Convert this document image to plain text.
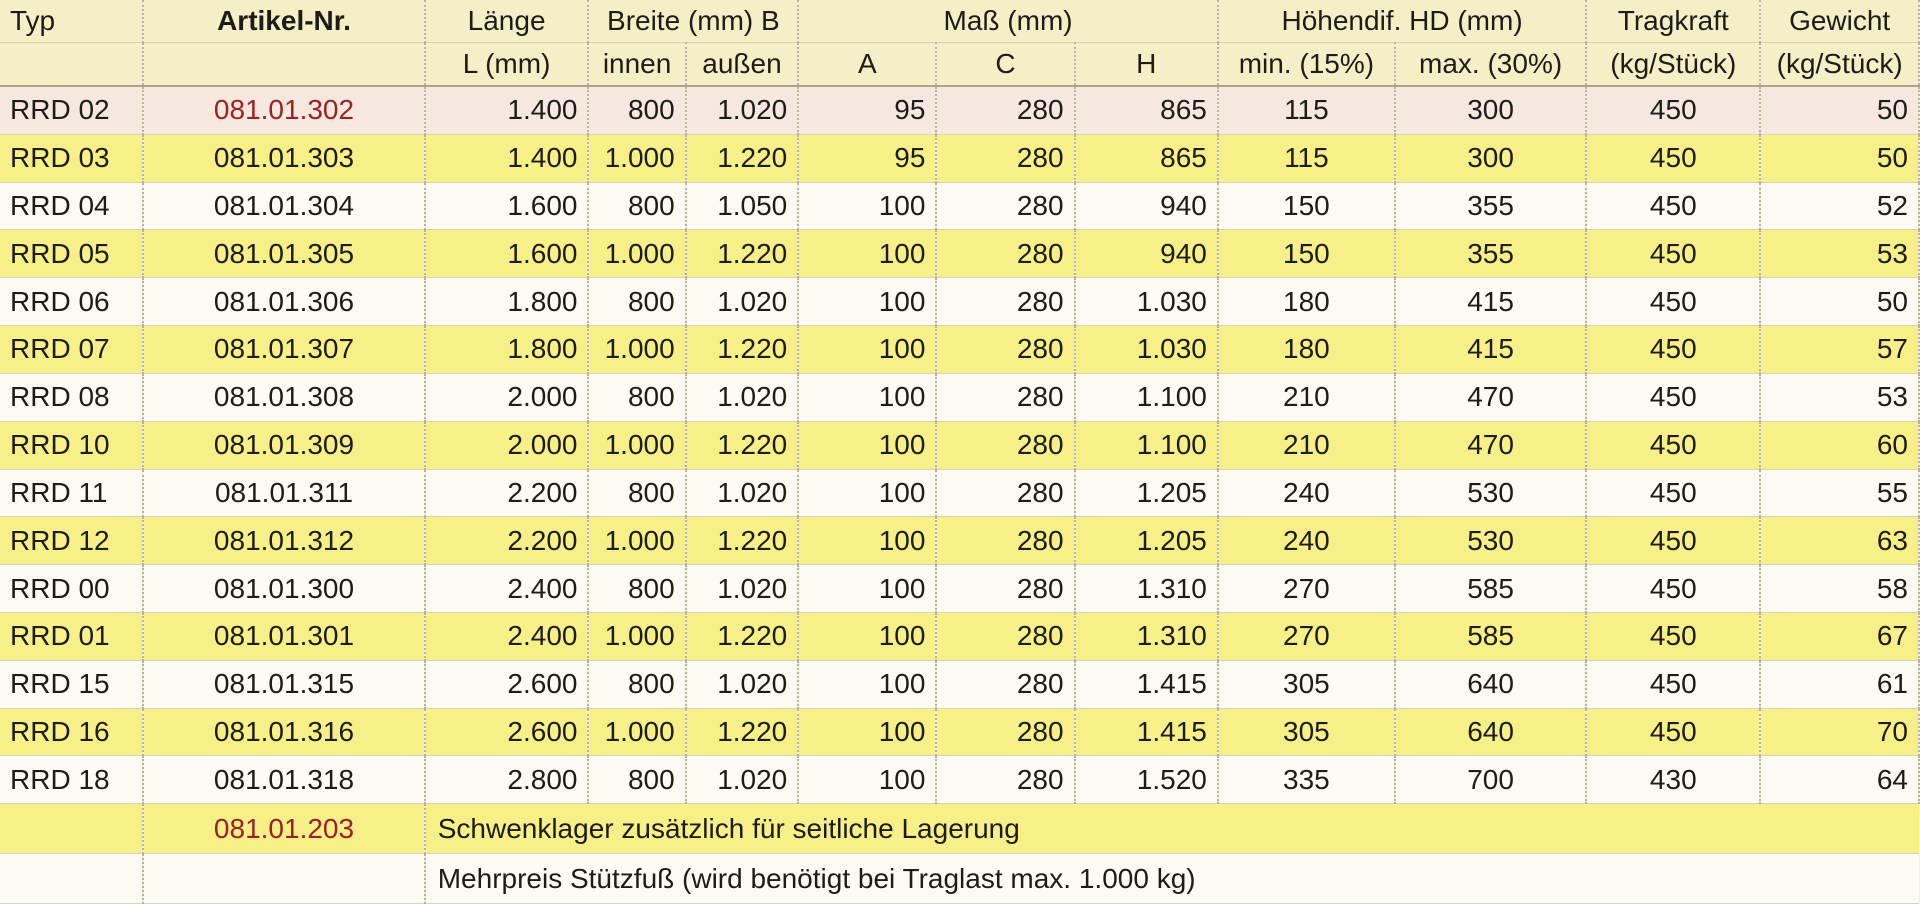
Typ	Artikel-Nr.	Länge	Breite (mm) B		Maß (mm)			Höhendif. HD (mm)		Tragkraft	Gewicht
		L (mm)	innen	außen	A	C	H	min. (15%)	max. (30%)	(kg/Stück)	(kg/Stück)
RRD 02	081.01.302	1.400	800	1.020	95	280	865	115	300	450	50
RRD 03	081.01.303	1.400	1.000	1.220	95	280	865	115	300	450	50
RRD 04	081.01.304	1.600	800	1.050	100	280	940	150	355	450	52
RRD 05	081.01.305	1.600	1.000	1.220	100	280	940	150	355	450	53
RRD 06	081.01.306	1.800	800	1.020	100	280	1.030	180	415	450	50
RRD 07	081.01.307	1.800	1.000	1.220	100	280	1.030	180	415	450	57
RRD 08	081.01.308	2.000	800	1.020	100	280	1.100	210	470	450	53
RRD 10	081.01.309	2.000	1.000	1.220	100	280	1.100	210	470	450	60
RRD 11	081.01.311	2.200	800	1.020	100	280	1.205	240	530	450	55
RRD 12	081.01.312	2.200	1.000	1.220	100	280	1.205	240	530	450	63
RRD 00	081.01.300	2.400	800	1.020	100	280	1.310	270	585	450	58
RRD 01	081.01.301	2.400	1.000	1.220	100	280	1.310	270	585	450	67
RRD 15	081.01.315	2.600	800	1.020	100	280	1.415	305	640	450	61
RRD 16	081.01.316	2.600	1.000	1.220	100	280	1.415	305	640	450	70
RRD 18	081.01.318	2.800	800	1.020	100	280	1.520	335	700	430	64
	081.01.203	Schwenklager zusätzlich für seitliche Lagerung									
		Mehrpreis Stützfuß (wird benötigt bei Traglast max. 1.000 kg)									
